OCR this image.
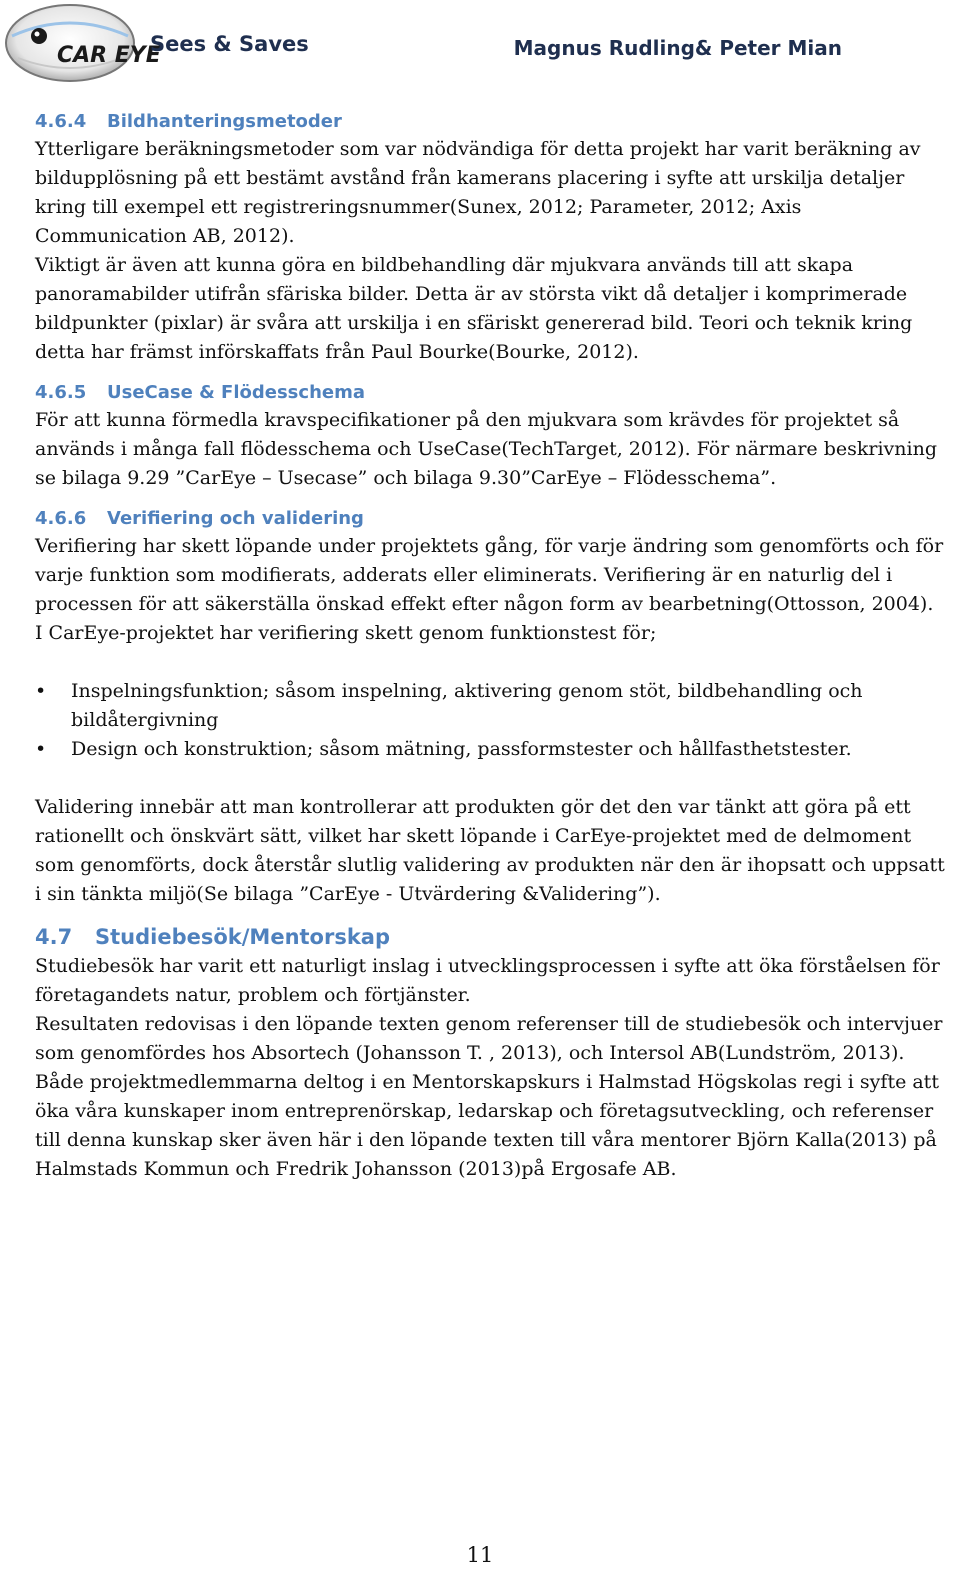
CAR EYE
Sees & Saves	Magnus Rudling& Peter Mian
4.6.4 Bildhanteringsmetoder

Ytterligare beräkningsmetoder som var nödvändiga för detta projekt har varit beräkning av bildupplösning på ett bestämt avstånd från kamerans placering i syfte att urskilja detaljer kring till exempel ett registreringsnummer(Sunex, 2012; Parameter, 2012; Axis Communication AB, 2012).

Viktigt är även att kunna göra en bildbehandling där mjukvara används till att skapa panoramabilder utifrån sfäriska bilder. Detta är av största vikt då detaljer i komprimerade bildpunkter (pixlar) är svåra att urskilja i en sfäriskt genererad bild. Teori och teknik kring detta har främst införskaffats från Paul Bourke(Bourke, 2012).

4.6.5 UseCase & Flödesschema

För att kunna förmedla kravspecifikationer på den mjukvara som krävdes för projektet så används i många fall flödesschema och UseCase(TechTarget, 2012). För närmare beskrivning se bilaga 9.29 ”CarEye – Usecase” och bilaga 9.30”CarEye – Flödesschema”.

4.6.6 Verifiering och validering

Verifiering har skett löpande under projektets gång, för varje ändring som genomförts och för varje funktion som modifierats, adderats eller eliminerats. Verifiering är en naturlig del i processen för att säkerställa önskad effekt efter någon form av bearbetning(Ottosson, 2004).

I CarEye-projektet har verifiering skett genom funktionstest för;

• Inspelningsfunktion; såsom inspelning, aktivering genom stöt, bildbehandling och bildåtergivning
• Design och konstruktion; såsom mätning, passformstester och hållfasthetstester.

Validering innebär att man kontrollerar att produkten gör det den var tänkt att göra på ett rationellt och önskvärt sätt, vilket har skett löpande i CarEye-projektet med de delmoment som genomförts, dock återstår slutlig validering av produkten när den är ihopsatt och uppsatt i sin tänkta miljö(Se bilaga ”CarEye - Utvärdering &Validering”).

4.7 Studiebesök/Mentorskap

Studiebesök har varit ett naturligt inslag i utvecklingsprocessen i syfte att öka förståelsen för företagandets natur, problem och förtjänster.

Resultaten redovisas i den löpande texten genom referenser till de studiebesök och intervjuer som genomfördes hos Absortech (Johansson T. , 2013), och Intersol AB(Lundström, 2013).

Både projektmedlemmarna deltog i en Mentorskapskurs i Halmstad Högskolas regi i syfte att öka våra kunskaper inom entreprenörskap, ledarskap och företagsutveckling, och referenser till denna kunskap sker även här i den löpande texten till våra mentorer Björn Kalla(2013) på Halmstads Kommun och Fredrik Johansson (2013)på Ergosafe AB.

11
